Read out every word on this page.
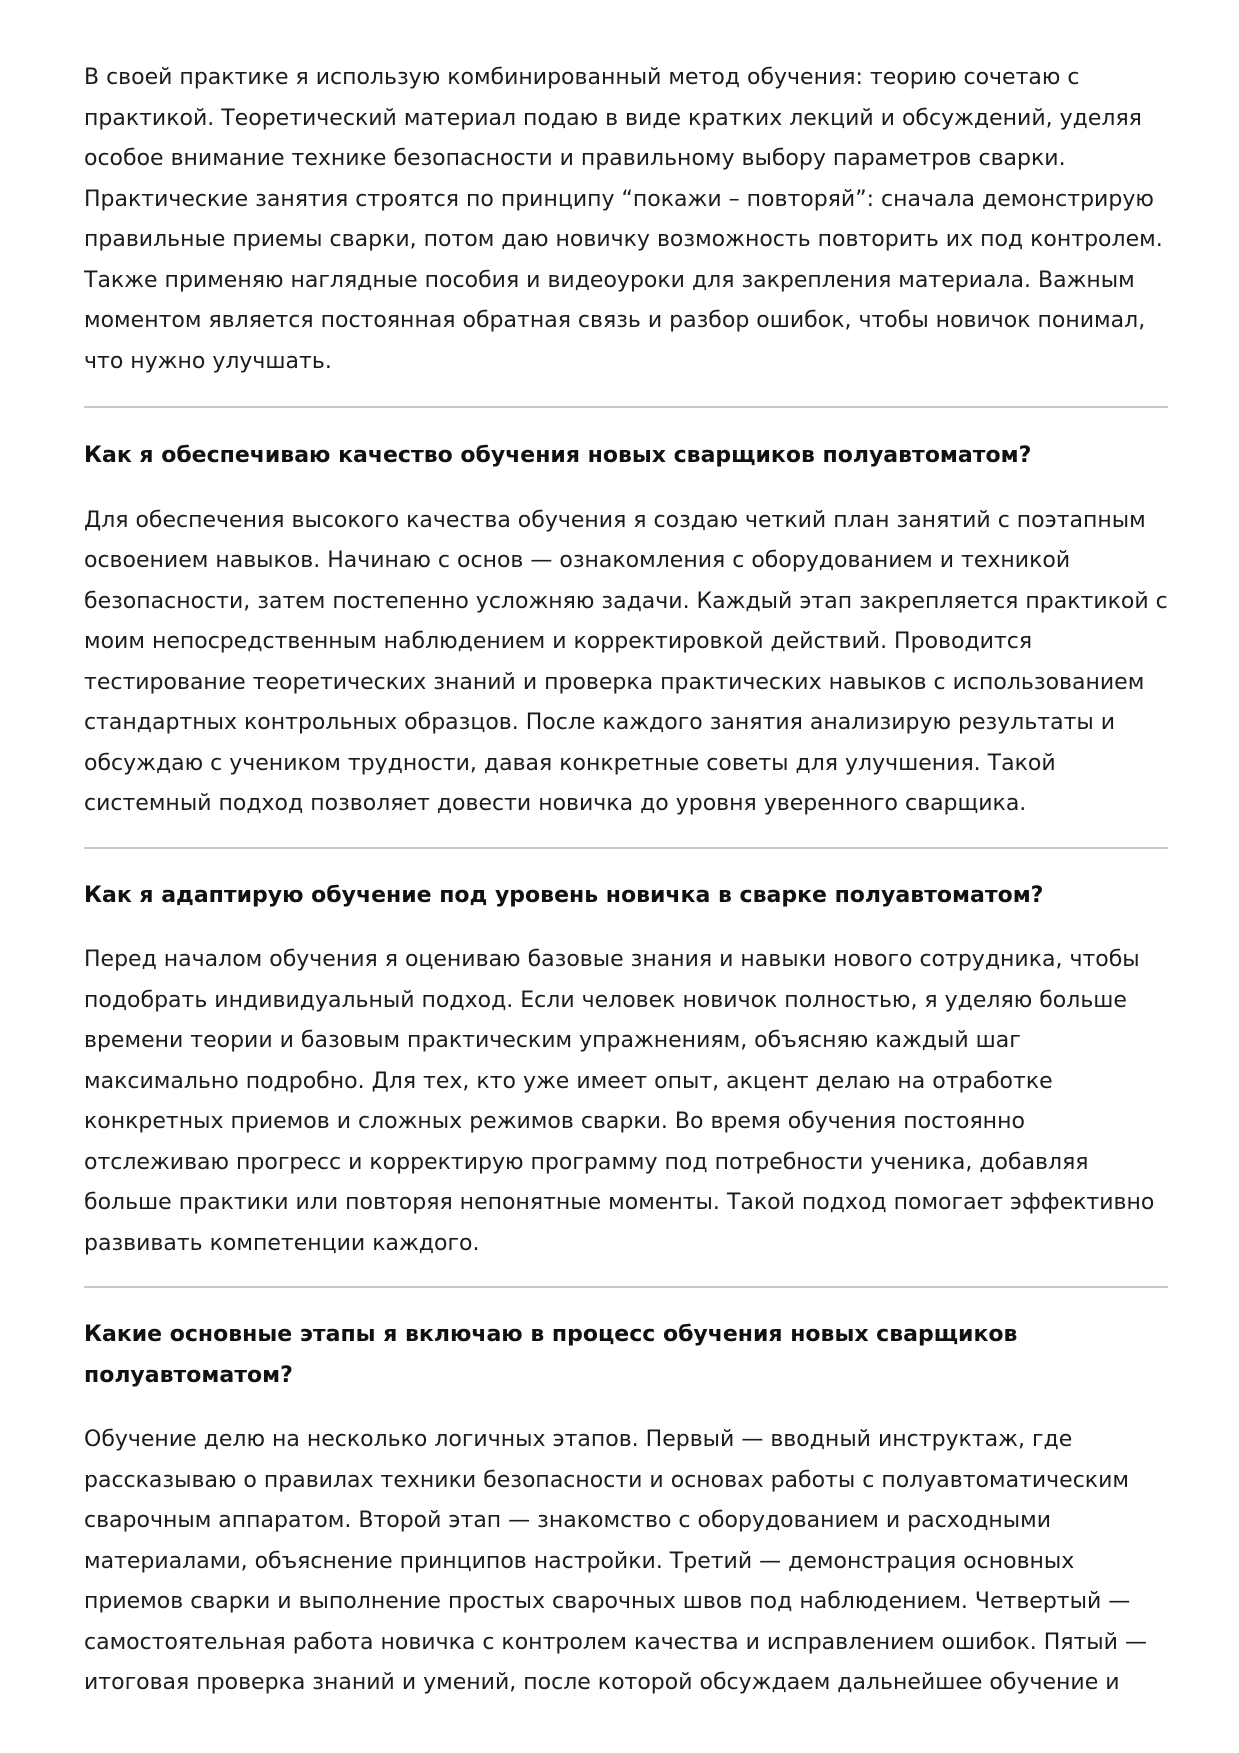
В своей практике я использую комбинированный метод обучения: теорию сочетаю с практикой. Теоретический материал подаю в виде кратких лекций и обсуждений, уделяя особое внимание технике безопасности и правильному выбору параметров сварки. Практические занятия строятся по принципу “покажи – повторяй”: сначала демонстрирую правильные приемы сварки, потом даю новичку возможность повторить их под контролем. Также применяю наглядные пособия и видеоуроки для закрепления материала. Важным моментом является постоянная обратная связь и разбор ошибок, чтобы новичок понимал, что нужно улучшать.

Как я обеспечиваю качество обучения новых сварщиков полуавтоматом?

Для обеспечения высокого качества обучения я создаю четкий план занятий с поэтапным освоением навыков. Начинаю с основ — ознакомления с оборудованием и техникой безопасности, затем постепенно усложняю задачи. Каждый этап закрепляется практикой с моим непосредственным наблюдением и корректировкой действий. Проводится тестирование теоретических знаний и проверка практических навыков с использованием стандартных контрольных образцов. После каждого занятия анализирую результаты и обсуждаю с учеником трудности, давая конкретные советы для улучшения. Такой системный подход позволяет довести новичка до уровня уверенного сварщика.

Как я адаптирую обучение под уровень новичка в сварке полуавтоматом?

Перед началом обучения я оцениваю базовые знания и навыки нового сотрудника, чтобы подобрать индивидуальный подход. Если человек новичок полностью, я уделяю больше времени теории и базовым практическим упражнениям, объясняю каждый шаг максимально подробно. Для тех, кто уже имеет опыт, акцент делаю на отработке конкретных приемов и сложных режимов сварки. Во время обучения постоянно отслеживаю прогресс и корректирую программу под потребности ученика, добавляя больше практики или повторяя непонятные моменты. Такой подход помогает эффективно развивать компетенции каждого.

Какие основные этапы я включаю в процесс обучения новых сварщиков полуавтоматом?

Обучение делю на несколько логичных этапов. Первый — вводный инструктаж, где рассказываю о правилах техники безопасности и основах работы с полуавтоматическим сварочным аппаратом. Второй этап — знакомство с оборудованием и расходными материалами, объяснение принципов настройки. Третий — демонстрация основных приемов сварки и выполнение простых сварочных швов под наблюдением. Четвертый — самостоятельная работа новичка с контролем качества и исправлением ошибок. Пятый — итоговая проверка знаний и умений, после которой обсуждаем дальнейшее обучение и
